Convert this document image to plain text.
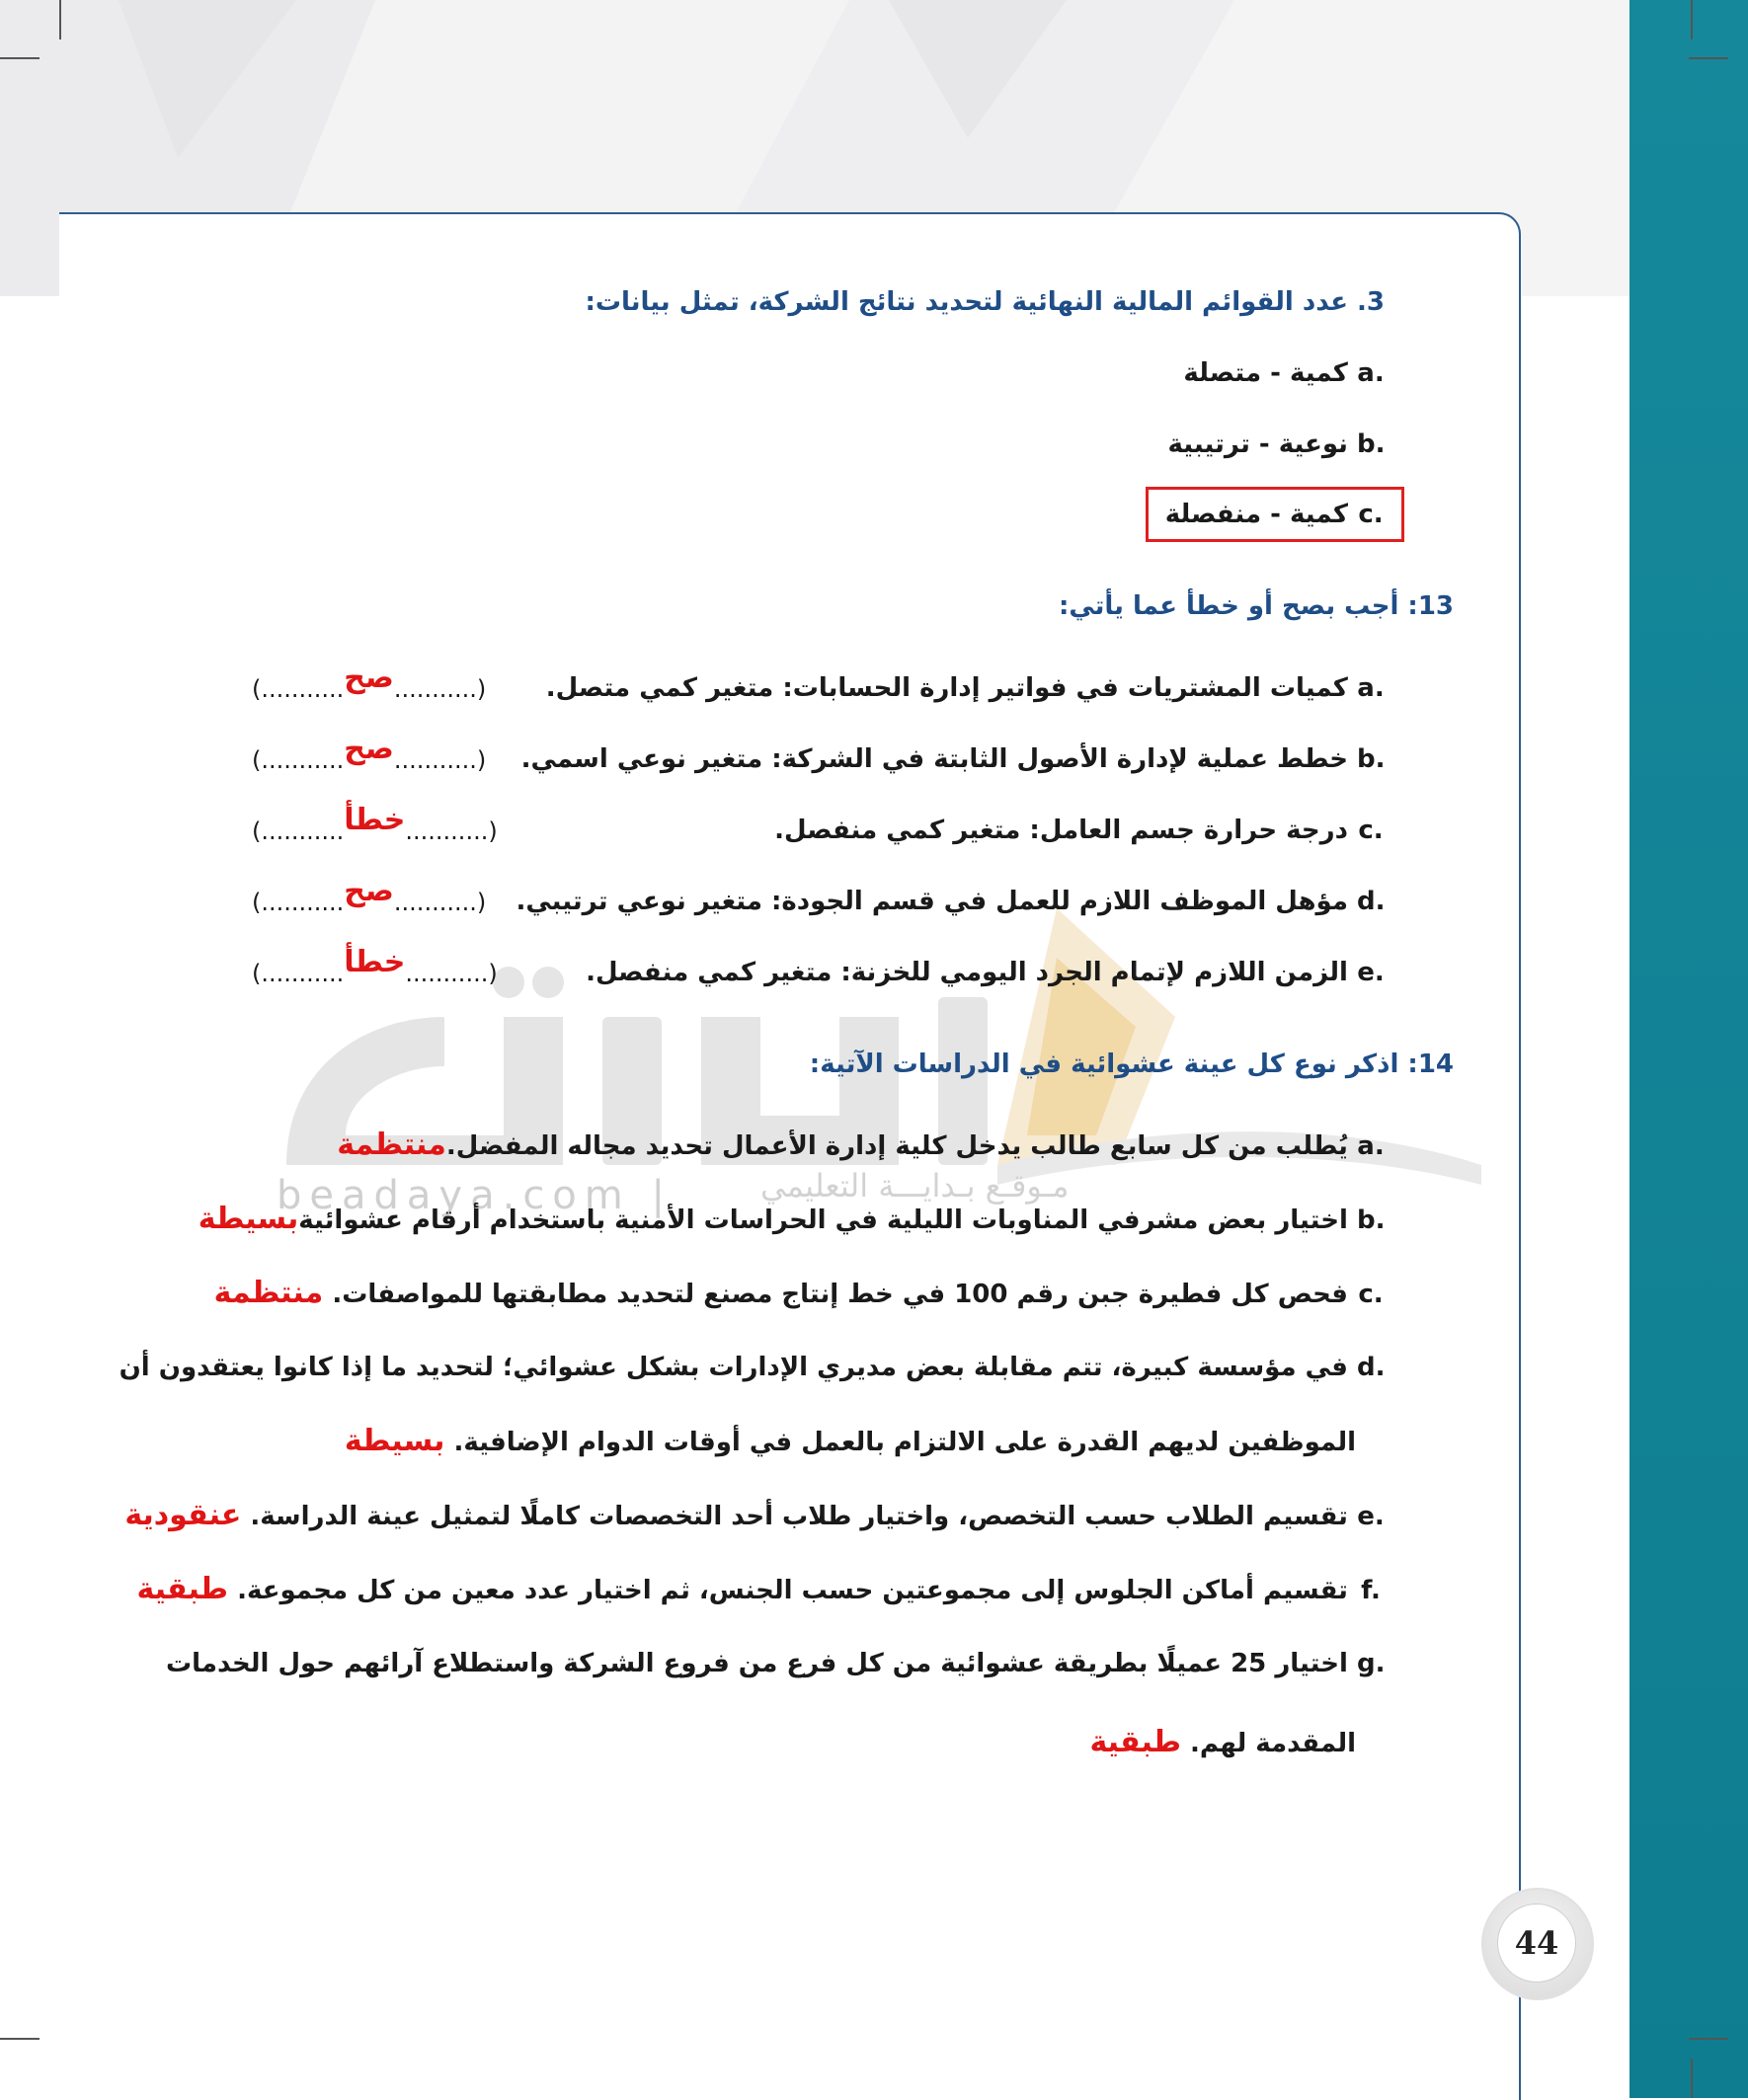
beadaya.com |	مـوقـع بـدايـــة التعليمي
3. عدد القوائم المالية النهائية لتحديد نتائج الشركة، تمثل بيانات:
a. كمية - متصلة
b. نوعية - ترتيبية
c. كمية - منفصلة
13: أجب بصح أو خطأ عما يأتي:
a. كميات المشتريات في فواتير إدارة الحسابات: متغير كمي متصل.
(...........صح...........)
b. خطط عملية لإدارة الأصول الثابتة في الشركة: متغير نوعي اسمي.
(...........صح...........)
c. درجة حرارة جسم العامل: متغير كمي منفصل.
(...........خطأ...........)
d. مؤهل الموظف اللازم للعمل في قسم الجودة: متغير نوعي ترتيبي.
(...........صح...........)
e. الزمن اللازم لإتمام الجرد اليومي للخزنة: متغير كمي منفصل.
(...........خطأ...........)
14: اذكر نوع كل عينة عشوائية في الدراسات الآتية:
a. يُطلب من كل سابع طالب يدخل كلية إدارة الأعمال تحديد مجاله المفضل.منتظمة
b. اختيار بعض مشرفي المناوبات الليلية في الحراسات الأمنية باستخدام أرقام عشوائيةبسيطة
c. فحص كل فطيرة جبن رقم 100 في خط إنتاج مصنع لتحديد مطابقتها للمواصفات. منتظمة
d. في مؤسسة كبيرة، تتم مقابلة بعض مديري الإدارات بشكل عشوائي؛ لتحديد ما إذا كانوا يعتقدون أن
الموظفين لديهم القدرة على الالتزام بالعمل في أوقات الدوام الإضافية. بسيطة
e. تقسيم الطلاب حسب التخصص، واختيار طلاب أحد التخصصات كاملًا لتمثيل عينة الدراسة. عنقودية
f. تقسيم أماكن الجلوس إلى مجموعتين حسب الجنس، ثم اختيار عدد معين من كل مجموعة. طبقية
g. اختيار 25 عميلًا بطريقة عشوائية من كل فرع من فروع الشركة واستطلاع آرائهم حول الخدمات
المقدمة لهم. طبقية
44
